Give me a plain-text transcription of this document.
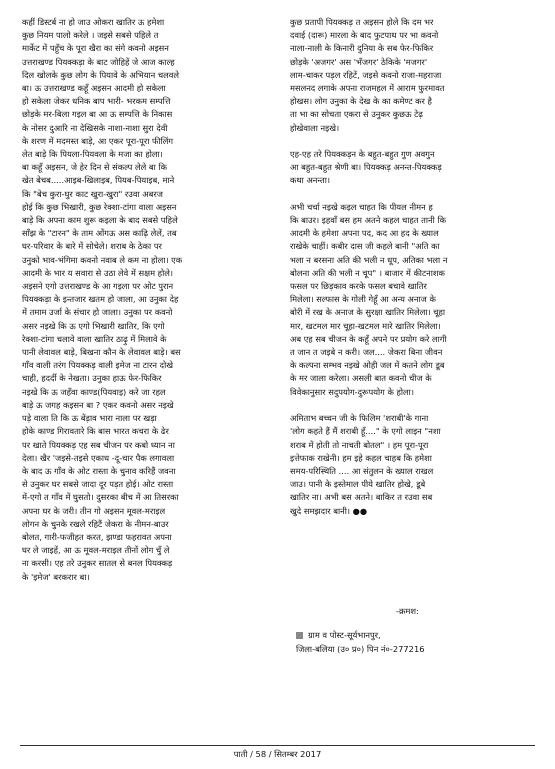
कहीं डिस्टर्ब ना हो जाउ ओकरा खातिर ऊ हमेशा

कुछ नियम पालो करेले । जइसे सबसे पहिले त

मार्केट में पहुँच के पूरा खैरा का संगे कवनो अइसन

उत्तराखण्ड पियक्कड़ा के बाट जोहिहें जे आज काल्ह

दिल खोलके कुछ लोग के पियावे के अभियान चलवले

बा। ऊ उत्तराखण्ड कहूँ अइसन आदमी हो सकेला

हो सकेला जेकर धनिक बाप भारी- भरकम सम्पत्ति

छोड़के मर-बिला गइल बा आ ऊ सम्पत्ति के निकास

के नोसर दुआरि ना देखिसके नाशा-नाशा सुरा देवी

के शरण में मदमस्त बाड़े, आ एकर पूरा-पूरा फीलिंग

लेत बाड़े कि पियला-पियवला के मजा का होला।

बा कहूँ अइसन, जे हेर दिन से संकल्प लेले बा कि

खेत बेचब.....आइब-खिलाइब, पियब-पियाइब, माने

कि "बेच कुरा-घुर काट खुरा-खुरा" रउवा अबरज

होई कि कुछ भिखारी, कुछ रेक्शा-टांगा वाला अइसन

बाड़े कि अपना काम शुरू कइला के बाद सबसे पहिले

साँझ के "टारन" के ताम ओंगऊ अस काढ़ि लेलें, तब

घर-परिवार के बारे में सोचेले। शराब के ठेका पर

उनुको भाव-भंगिमा कवनो नवाब ले कम ना होला। एक

आदमी के भार य सवारा से उठा लेवे में सक्षम होले।

अइसने एगो उत्तराखण्ड के आ गइला पर ओट पुरान

पियक्कड़ा के इन्तजार खतम हो जाला, आ उनुका देह

में तमाम उर्जा के संचार हो जाला। उनुका पर कवनो

असर नइखे कि ऊ एगो भिखारी खातिर, कि एगो

रेक्शा-टांगा चलावे वाला खातिर ठाढ़ु में मिलावे के

पानी लेवावल बाड़े, बिखना कौन के लेवावल बाड़े। बस

गाँव वाली तरंग पियक्कड़ वाली इमेज ना टारन दोखे

चाही, हदर्दी के नेखता। उनुका हाऊ फेर-फिकिर

नइखे कि ऊ जहँवा काण्ड(पियवाइ) करे जा रहल

बाड़े ऊ जगह कइसन बा ? एकर कवनो असर नइखे

पड़े वाला ति कि ऊ बेंड़ाव भारा नाला पर खड़ा

होके काण्ड गिरावतारे कि बास भारत कचरा के ढेर

पर खाते पियक्कड़ एह सब चीजन पर कबो ध्यान ना

देला। खैर 'जइसे-तइसे एकाध -दू-चार पैक लगावला

के बाद ऊ गाँव के ओट रास्ता के चुनाव करिहैं जवना

से उनुकर घर सबसे जादा दूर पड़त होई। ओट रास्ता

में-एगो त गाँव में घुसतो। दुसरका बीच में आ तिसरका

अपना घर के जरी। तीन गो अइसन मूवल-मराइल

लोगन के चुनके रखले रहिटैं जेकरा के नीमन-बाउर

बोलत, गारी-फजीहत करत, झण्डा फहरावत अपना

घर ले जाइहें, आ ऊ मूवल-मराइल तीनों लोग चुँ ले

ना करसी। एह तरे उनुकर सातल से बनल पियक्कड़

के 'इमेज' बरकरार बा।

कुछ प्रतापी पियक्कड़ त अइसन होले कि दम भर

दवाई (दारू) मारला के बाद फुटपाथ पर भा कवनो

नाला-नाली के किनारी दुनिया के सब फेर-फिकिर

छोड़के 'अजगर' अस 'भँजगर' ठेकिके 'मजगर'

लाम-चाकर पड़ल रहिटें, जइसे कवनो राजा-महराजा

मसलनद लगाके अपना राजमहल में आराम फुरमावत

होखस। लोग उनुका के देख के का कमेण्ट कर है

ता भा का सोचता एकरा से उनुकर कुछऊ टेढ़

होखेवाला नइखे।

एह-एह तरे पियक्कड़न के बहुत-बहुत गुण अवगुन

आ बहुत-बहुत श्रेणी बा। पियक्कड़ अनन्त-पियक्कड़

कथा अनन्ता।

अभी चर्चा नइखे कइल चाहत कि पीयल नीमन ह

कि बाउर। इहवाँ बस हम अतने कहल चाहत तानी कि

आदमी के हमेशा अपना पद, कद आ हद के ख्याल

राखेके चाहीं। कबीर दास जी कहले बानी "अति का

भला न बरसना अति की भली न धूप, अतिका भला न

बोलना अति की भली न चूप" । बाजार में कीटनाशक

फसल पर छिड़काव करके फसल बचावे खातिर

मिलेला। सल्फास के गोली गेहूँ आ अन्य अनाज के

बोरी में रख के अनाज के सुरक्षा खातिर मिलेला। चूहा

मार, खटमल मार चूहा-खटमल मारे खातिर मिलेला।

अब एह सब चीजन के कहूँ अपने पर प्रयोग करे लागी

त जान त जइबे न करी। जल.... जेकरा बिना जीवन

के कल्पना सम्भव नइखे ओही जल में कतने लोग डूब

के मर जाला करेला। असली बात कवनो चीज के

विवेकानुसार सदुपयोग-दुरूपयोग के होला।

अमिताभ बच्चन जी के फिलिम 'शराबी'के गाना

'लोग कहते हैं मैं शराबी हूँ...." के एगो लाइन "नशा

शराब में होती तो नाचती बोतल" । हम पूरा-पूरा

इत्तेफाक राखेनी। हम इहे कहल चाहब कि हमेशा

समय-परिस्थिति .... आ संतुलन के ख्याल राखल

जाउ। पानी के इस्तेमाल पीये खातिर होखे, डूबे

खातिर ना। अभी बस अतने। बाकिर त रउवा सब

खुदे समझदार बानी। ●●

-क्रमश:
ग्राम व पोस्ट-सूर्यभानपुर,
जिला-बलिया (उ० प्र०) पिन नं०-277216
पाती / 58 / सितम्बर 2017
